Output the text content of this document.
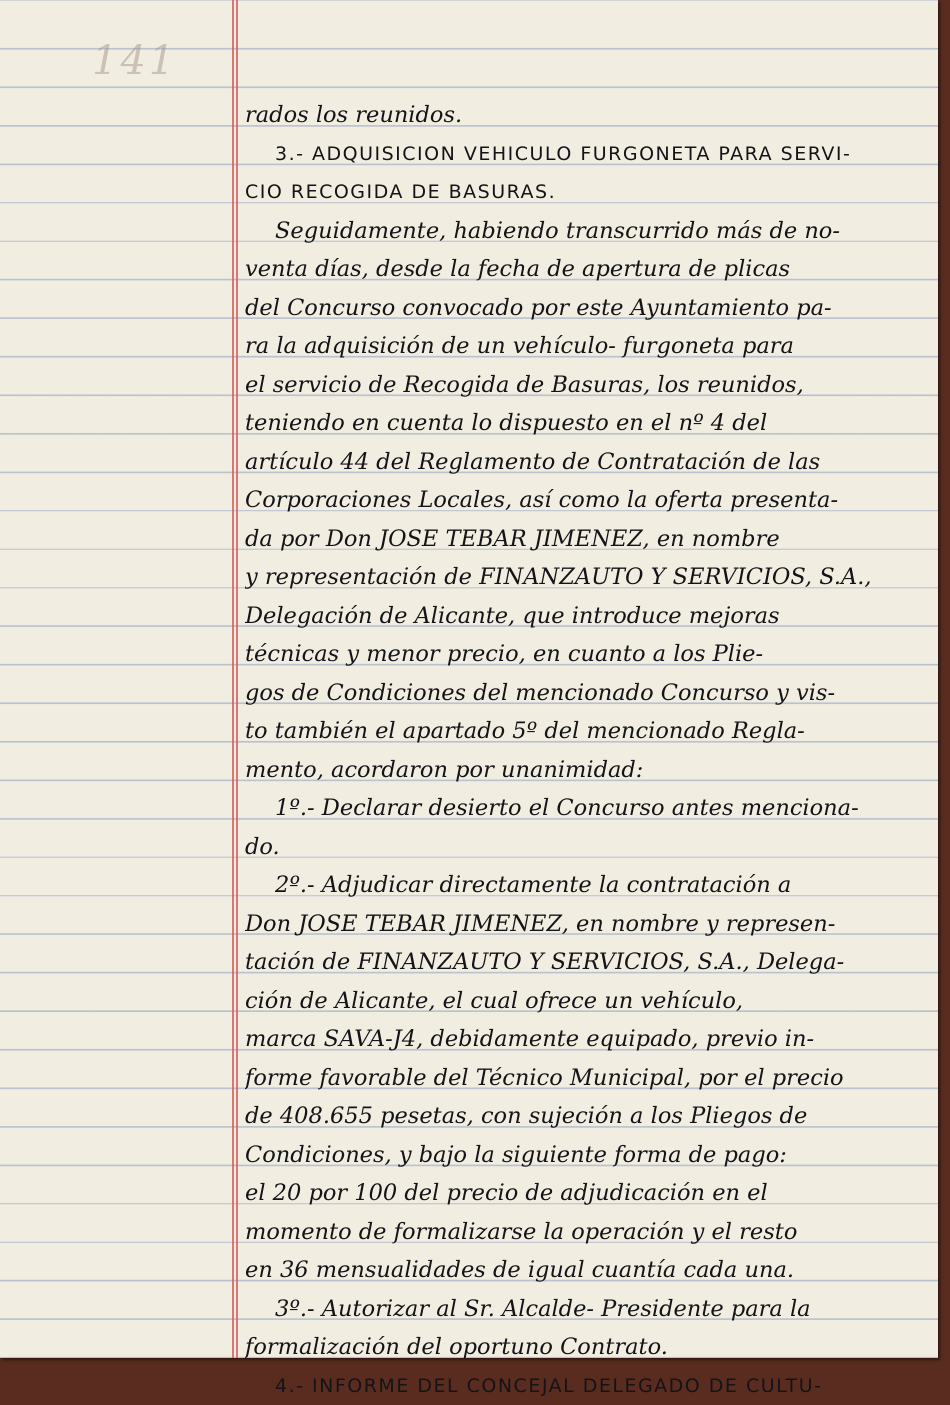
141
rados los reunidos.
3.- ADQUISICION VEHICULO FURGONETA PARA SERVI-
CIO RECOGIDA DE BASURAS.
Seguidamente, habiendo transcurrido más de no-
venta días, desde la fecha de apertura de plicas
del Concurso convocado por este Ayuntamiento pa-
ra la adquisición de un vehículo- furgoneta para
el servicio de Recogida de Basuras, los reunidos,
teniendo en cuenta lo dispuesto en el nº 4 del
artículo 44 del Reglamento de Contratación de las
Corporaciones Locales, así como la oferta presenta-
da por Don JOSE TEBAR JIMENEZ, en nombre
y representación de FINANZAUTO Y SERVICIOS, S.A.,
Delegación de Alicante, que introduce mejoras
técnicas y menor precio, en cuanto a los Plie-
gos de Condiciones del mencionado Concurso y vis-
to también el apartado 5º del mencionado Regla-
mento, acordaron por unanimidad:
1º.- Declarar desierto el Concurso antes menciona-
do.
2º.- Adjudicar directamente la contratación a
Don JOSE TEBAR JIMENEZ, en nombre y represen-
tación de FINANZAUTO Y SERVICIOS, S.A., Delega-
ción de Alicante, el cual ofrece un vehículo,
marca SAVA-J4, debidamente equipado, previo in-
forme favorable del Técnico Municipal, por el precio
de 408.655 pesetas, con sujeción a los Pliegos de
Condiciones, y bajo la siguiente forma de pago:
el 20 por 100 del precio de adjudicación en el
momento de formalizarse la operación y el resto
en 36 mensualidades de igual cuantía cada una.
3º.- Autorizar al Sr. Alcalde- Presidente para la
formalización del oportuno Contrato.
4.- INFORME DEL CONCEJAL DELEGADO DE CULTU-
